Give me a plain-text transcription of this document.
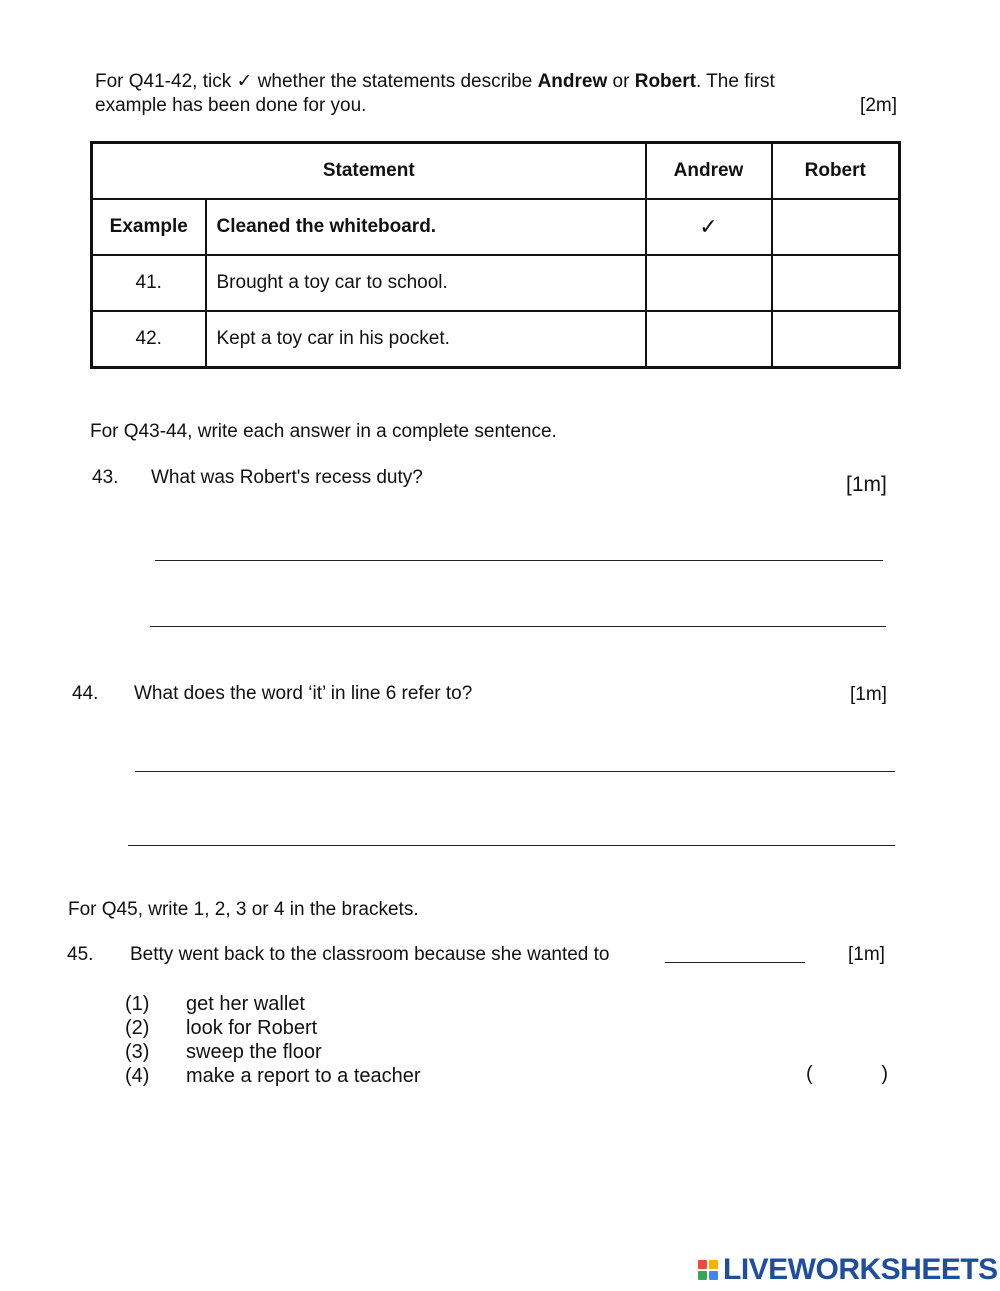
For Q41-42, tick ✓ whether the statements describe Andrew or Robert. The first
example has been done for you.	[2m]
Statement		Andrew	Robert
Example	Cleaned the whiteboard.	✓	
41.	Brought a toy car to school.		
42.	Kept a toy car in his pocket.		
For Q43-44, write each answer in a complete sentence.
43. What was Robert's recess duty?	[1m]
44. What does the word ‘it’ in line 6 refer to?	[1m]
For Q45, write 1, 2, 3 or 4 in the brackets.
45. Betty went back to the classroom because she wanted to	[1m]
(1) get her wallet
(2) look for Robert
(3) sweep the floor
(4) make a report to a teacher	(	)
LIVEWORKSHEETS
